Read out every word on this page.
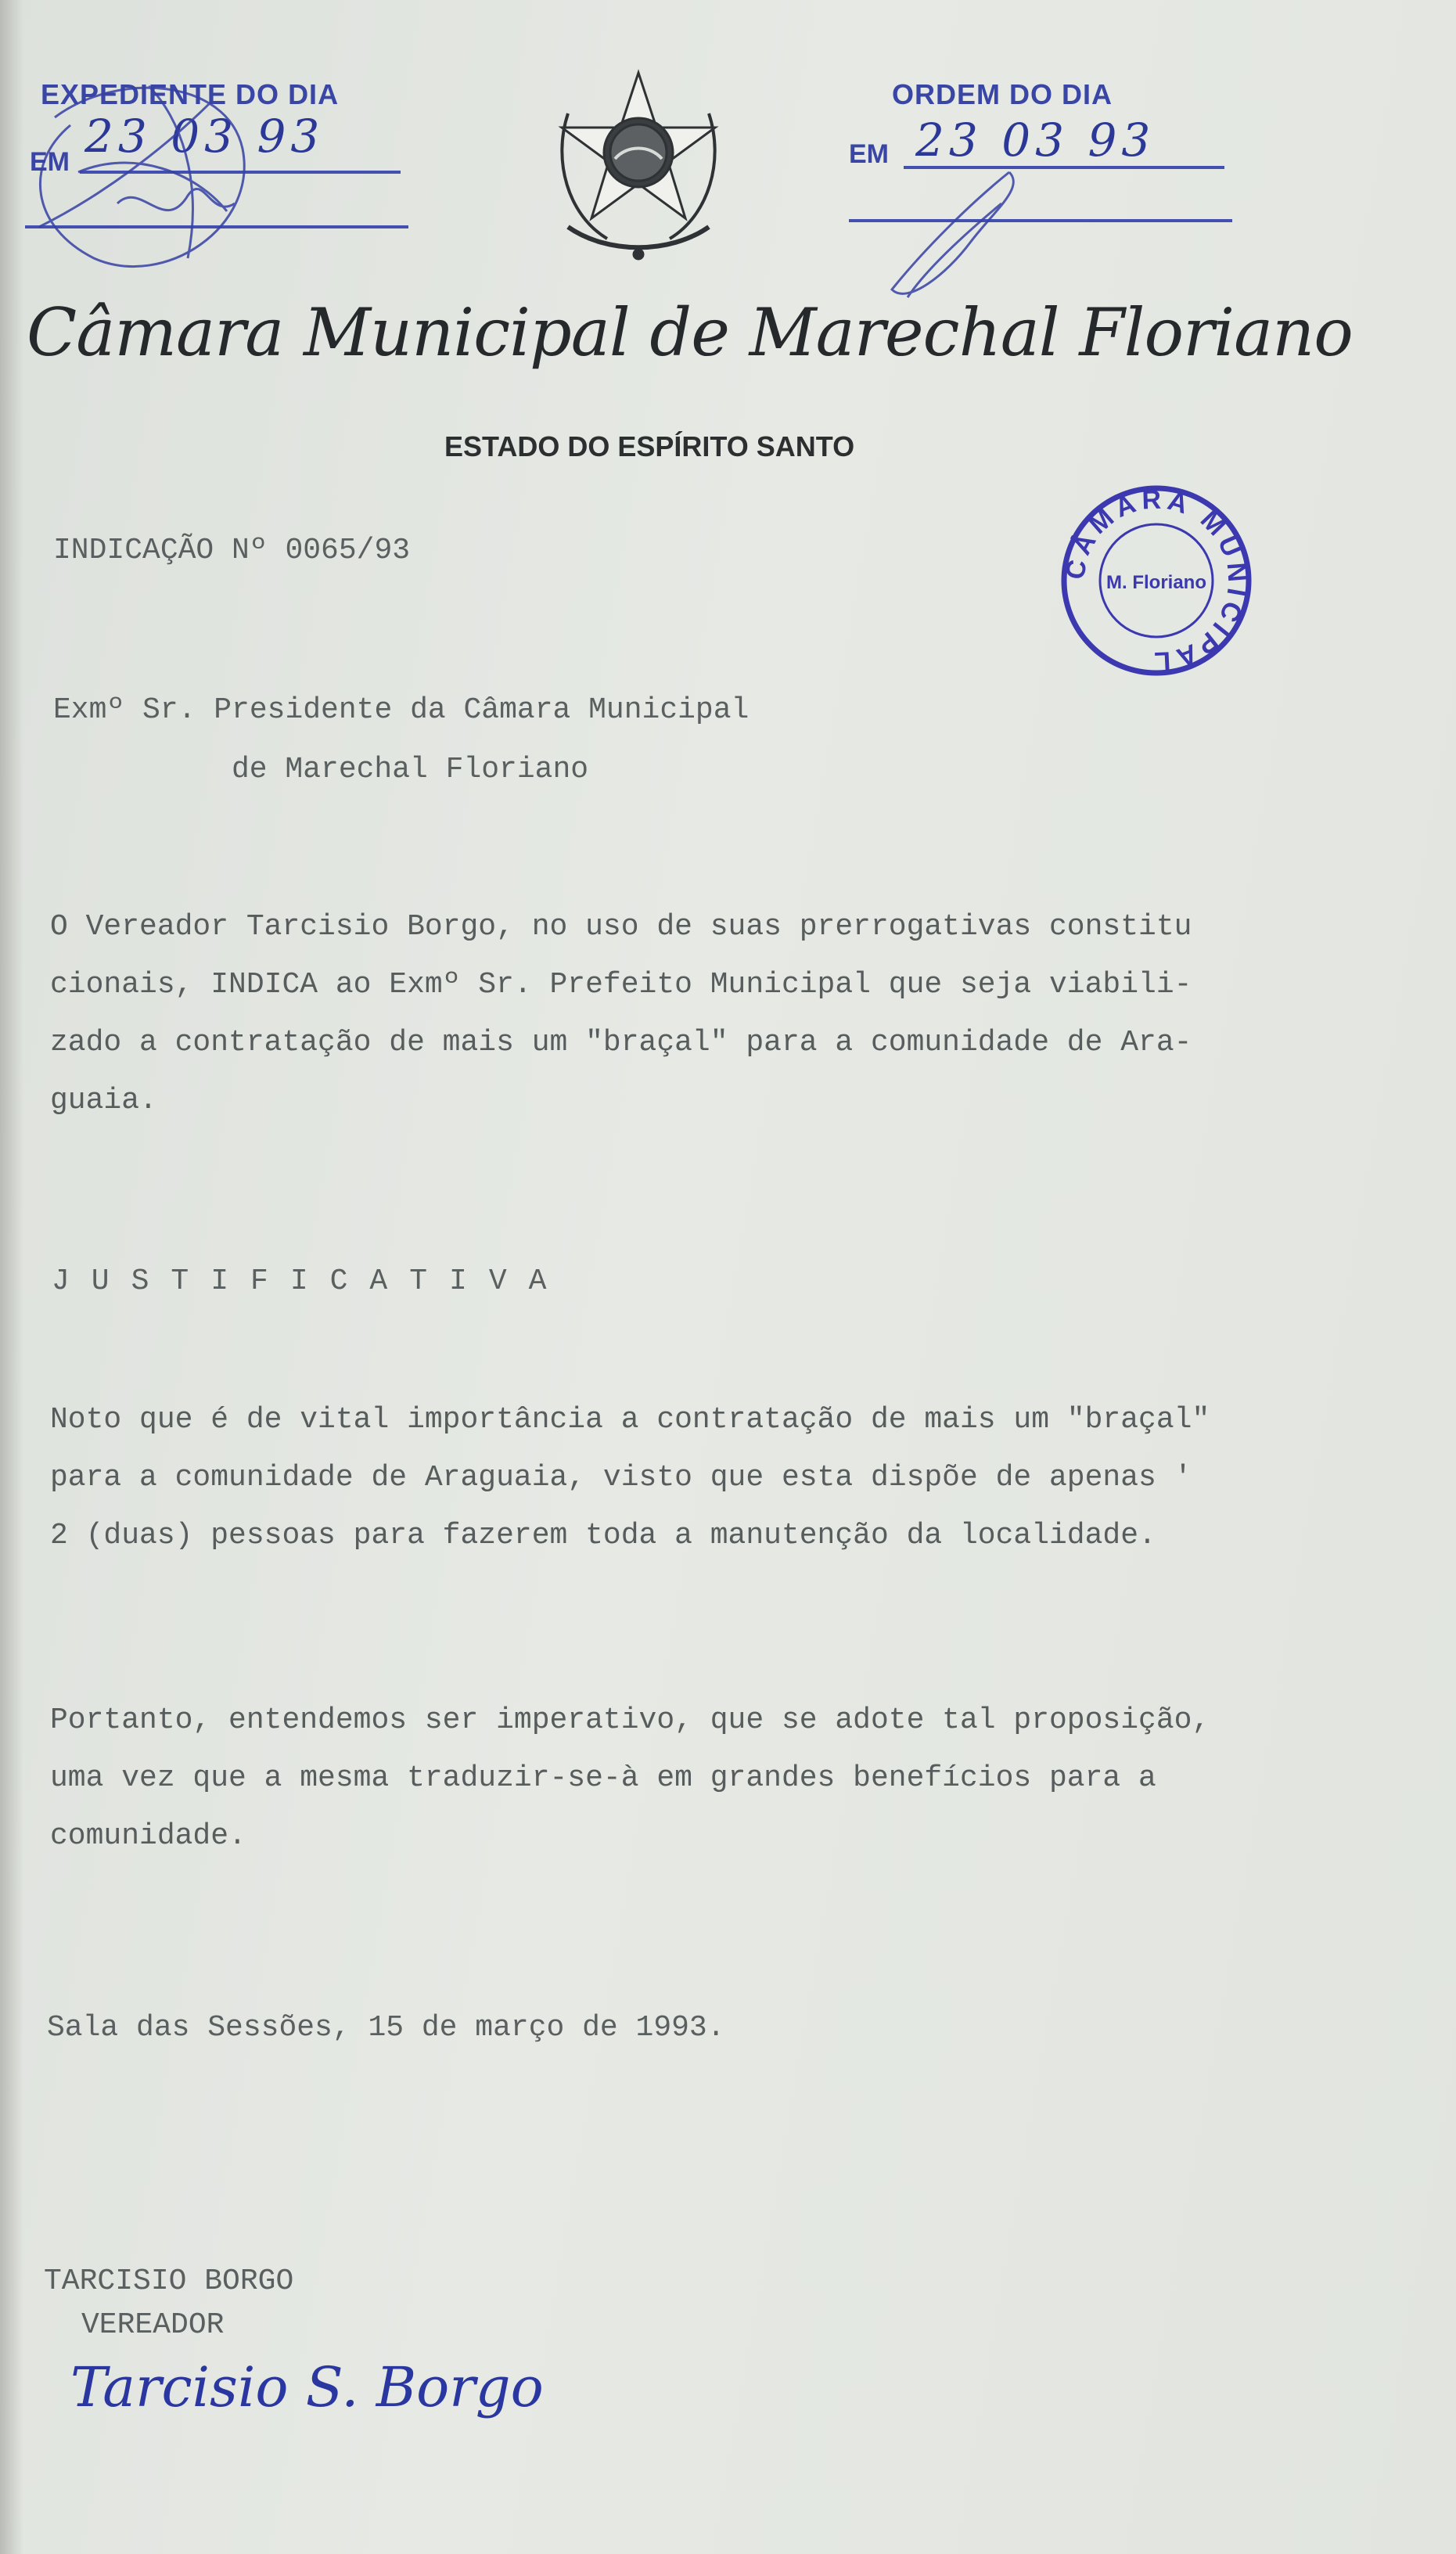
EXPEDIENTE DO DIA
EM 23 03 93
ORDEM DO DIA
EM 23 03 93
Câmara Municipal de Marechal Floriano
ESTADO DO ESPÍRITO SANTO
CÂMARA MUNICIPAL
M. Floriano
INDICAÇÃO Nº 0065/93
Exmº Sr. Presidente da Câmara Municipal
de Marechal Floriano
O Vereador Tarcisio Borgo, no uso de suas prerrogativas constitu
cionais, INDICA ao Exmº Sr. Prefeito Municipal que seja viabili-
zado a contratação de mais um "braçal" para a comunidade de Ara-
guaia.
JUSTIFICATIVA
Noto que é de vital importância a contratação de mais um "braçal"
para a comunidade de Araguaia, visto que esta dispõe de apenas '
2 (duas) pessoas para fazerem toda a manutenção da localidade.
Portanto, entendemos ser imperativo, que se adote tal proposição,
uma vez que a mesma traduzir-se-à em grandes benefícios para a
comunidade.
Sala das Sessões, 15 de março de 1993.
TARCISIO BORGO
VEREADOR
Tarcisio S. Borgo
